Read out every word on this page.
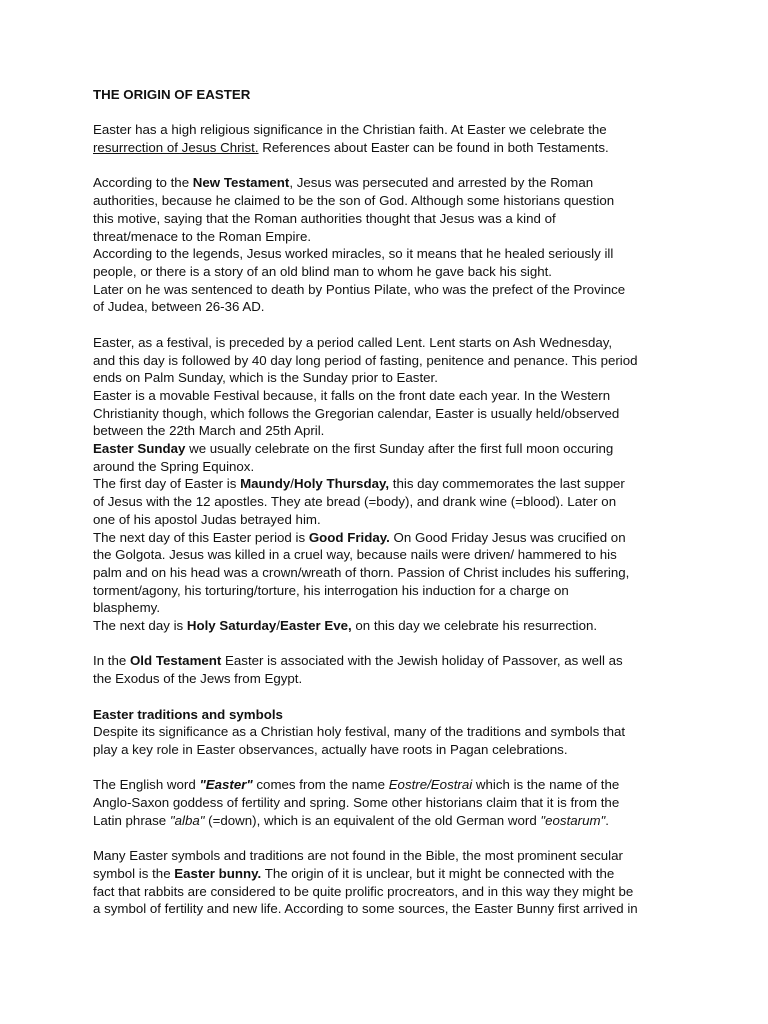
THE ORIGIN OF EASTER
Easter has a high religious significance in the Christian faith. At Easter we celebrate the
resurrection of Jesus Christ. References about Easter can be found in both Testaments.
According to the New Testament, Jesus was persecuted and arrested by the Roman
authorities, because he claimed to be the son of God. Although some historians question
this motive, saying that the Roman authorities thought that Jesus was a kind of
threat/menace to the Roman Empire.
According to the legends, Jesus worked miracles, so it means that he healed seriously ill
people, or there is a story of an old blind man to whom he gave back his sight.
Later on he was sentenced to death by Pontius Pilate, who was the prefect of the Province
of Judea, between 26-36 AD.
Easter, as a festival, is preceded by a period called Lent. Lent starts on Ash Wednesday,
and this day is followed by 40 day long period of fasting, penitence and penance. This period
ends on Palm Sunday, which is the Sunday prior to Easter.
Easter is a movable Festival because, it falls on the front date each year. In the Western
Christianity though, which follows the Gregorian calendar, Easter is usually held/observed
between the 22th March and 25th April.
Easter Sunday we usually celebrate on the first Sunday after the first full moon occuring
around the Spring Equinox.
The first day of Easter is Maundy/Holy Thursday, this day commemorates the last supper
of Jesus with the 12 apostles. They ate bread (=body), and drank wine (=blood). Later on
one of his apostol Judas betrayed him.
The next day of this Easter period is Good Friday. On Good Friday Jesus was crucified on
the Golgota. Jesus was killed in a cruel way, because nails were driven/ hammered to his
palm and on his head was a crown/wreath of thorn. Passion of Christ includes his suffering,
torment/agony, his torturing/torture, his interrogation his induction for a charge on
blasphemy.
The next day is Holy Saturday/Easter Eve, on this day we celebrate his resurrection.
In the Old Testament Easter is associated with the Jewish holiday of Passover, as well as
the Exodus of the Jews from Egypt.
Easter traditions and symbols
Despite its significance as a Christian holy festival, many of the traditions and symbols that
play a key role in Easter observances, actually have roots in Pagan celebrations.
The English word "Easter" comes from the name Eostre/Eostrai which is the name of the
Anglo-Saxon goddess of fertility and spring. Some other historians claim that it is from the
Latin phrase "alba" (=down), which is an equivalent of the old German word "eostarum".
Many Easter symbols and traditions are not found in the Bible, the most prominent secular
symbol is the Easter bunny. The origin of it is unclear, but it might be connected with the
fact that rabbits are considered to be quite prolific procreators, and in this way they might be
a symbol of fertility and new life. According to some sources, the Easter Bunny first arrived in
